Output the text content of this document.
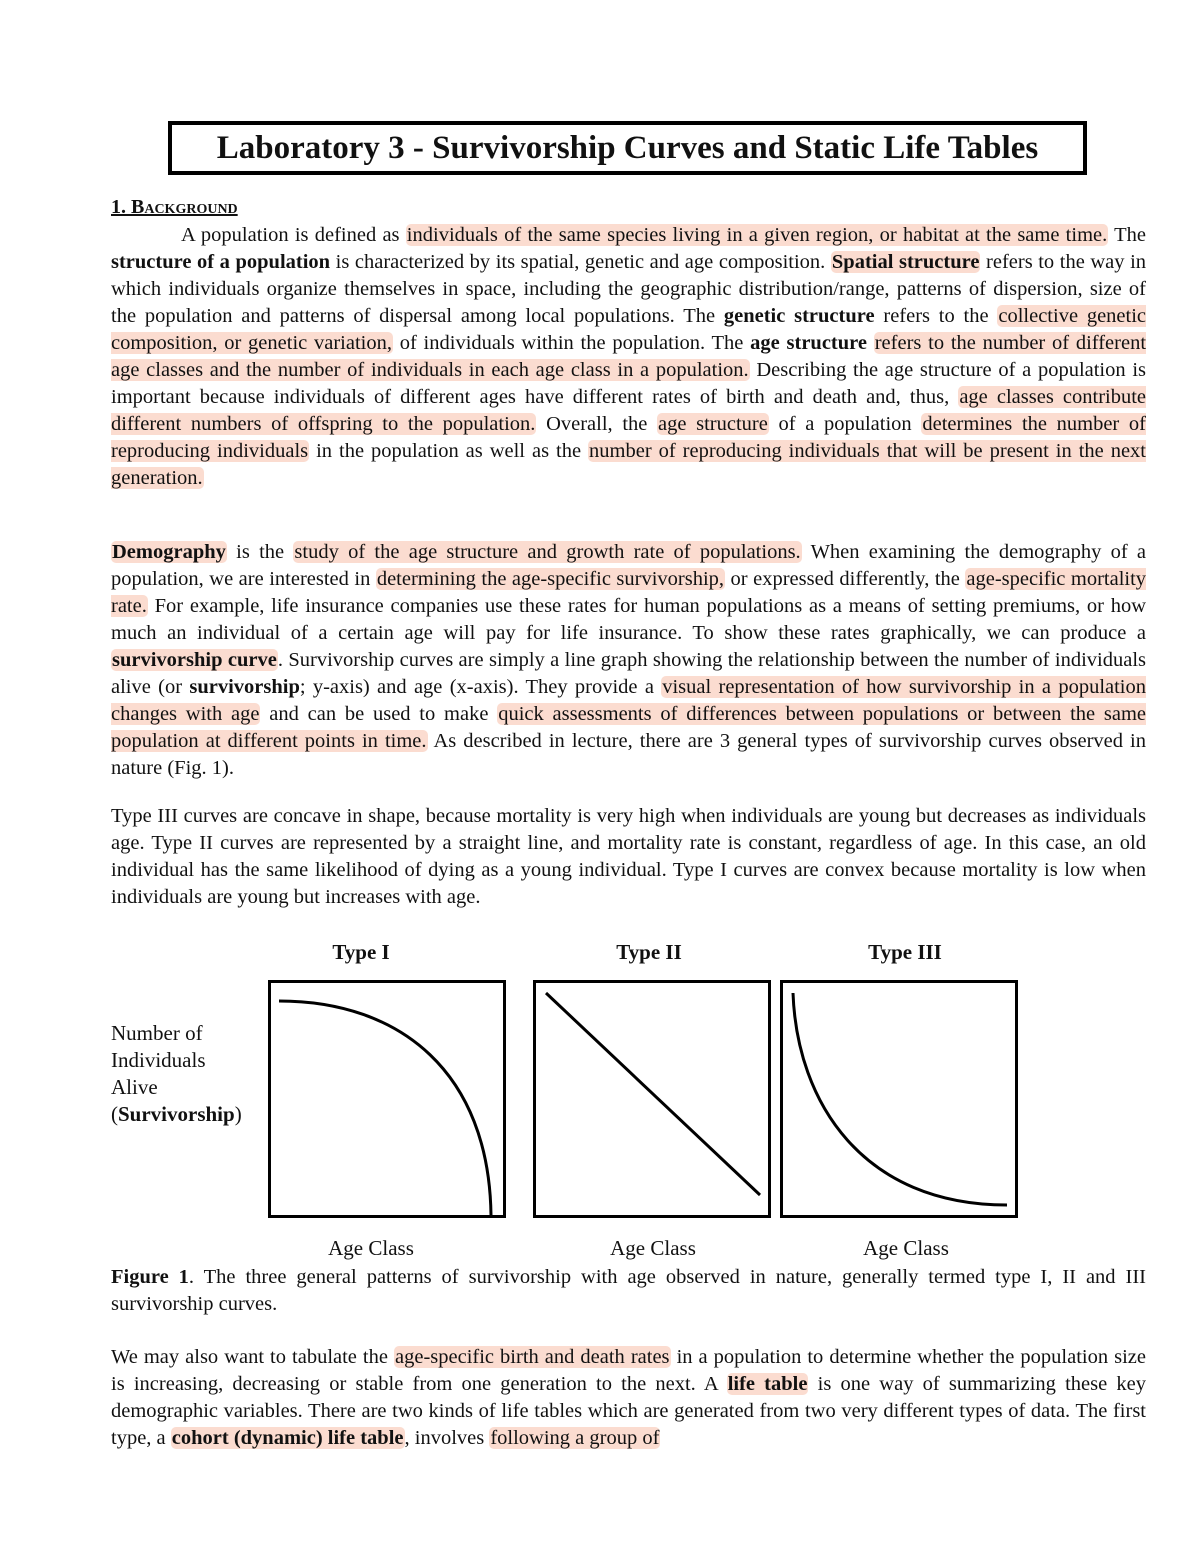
Laboratory 3 - Survivorship Curves and Static Life Tables
1. Background

A population is defined as individuals of the same species living in a given region, or habitat at the same time. The structure of a population is characterized by its spatial, genetic and age composition. Spatial structure refers to the way in which individuals organize themselves in space, including the geographic distribution/range, patterns of dispersion, size of the population and patterns of dispersal among local populations. The genetic structure refers to the collective genetic composition, or genetic variation, of individuals within the population. The age structure refers to the number of different age classes and the number of individuals in each age class in a population. Describing the age structure of a population is important because individuals of different ages have different rates of birth and death and, thus, age classes contribute different numbers of offspring to the population. Overall, the age structure of a population determines the number of reproducing individuals in the population as well as the number of reproducing individuals that will be present in the next generation.

Demography is the study of the age structure and growth rate of populations. When examining the demography of a population, we are interested in determining the age-specific survivorship, or expressed differently, the age-specific mortality rate. For example, life insurance companies use these rates for human populations as a means of setting premiums, or how much an individual of a certain age will pay for life insurance. To show these rates graphically, we can produce a survivorship curve. Survivorship curves are simply a line graph showing the relationship between the number of individuals alive (or survivorship; y-axis) and age (x-axis). They provide a visual representation of how survivorship in a population changes with age and can be used to make quick assessments of differences between populations or between the same population at different points in time. As described in lecture, there are 3 general types of survivorship curves observed in nature (Fig. 1).

Type III curves are concave in shape, because mortality is very high when individuals are young but decreases as individuals age. Type II curves are represented by a straight line, and mortality rate is constant, regardless of age. In this case, an old individual has the same likelihood of dying as a young individual. Type I curves are convex because mortality is low when individuals are young but increases with age.

Type I	Type II	Type III
Number of
Individuals
Alive
(Survivorship)
Age Class	Age Class	Age Class

Figure 1. The three general patterns of survivorship with age observed in nature, generally termed type I, II and III survivorship curves.

We may also want to tabulate the age-specific birth and death rates in a population to determine whether the population size is increasing, decreasing or stable from one generation to the next. A life table is one way of summarizing these key demographic variables. There are two kinds of life tables which are generated from two very different types of data. The first type, a cohort (dynamic) life table, involves following a group of
